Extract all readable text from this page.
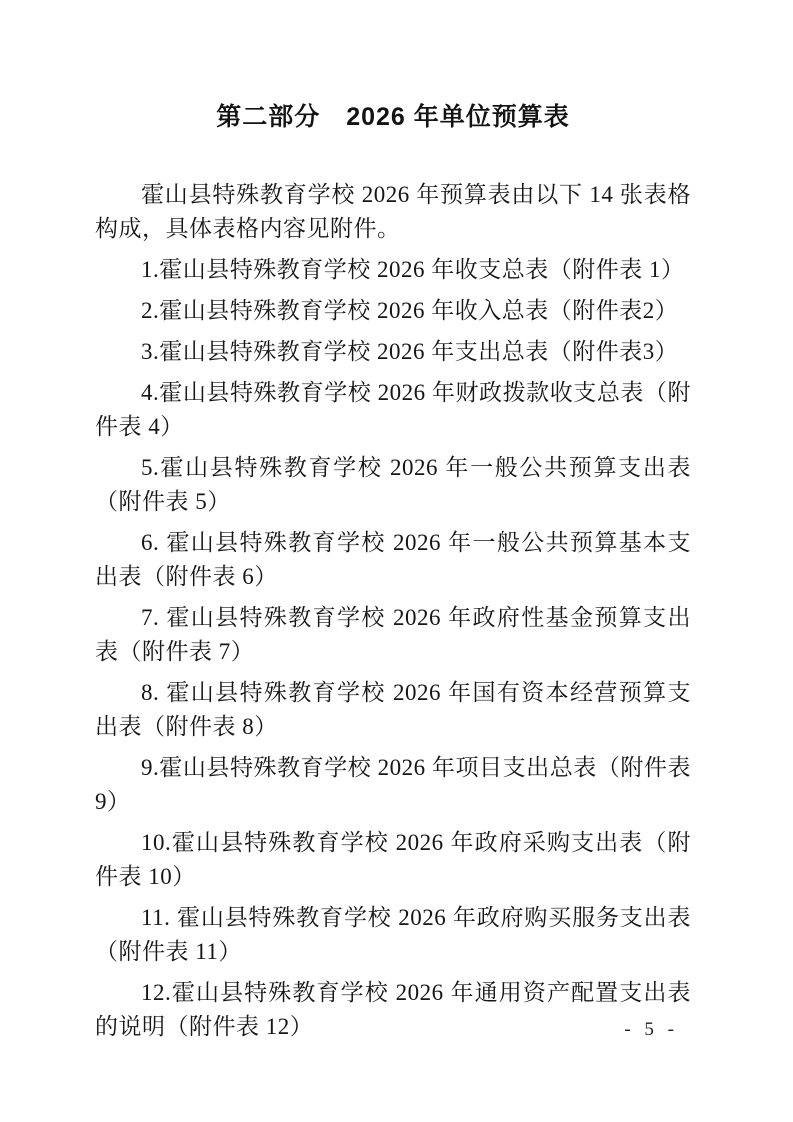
第二部分　2026 年单位预算表

霍山县特殊教育学校 2026 年预算表由以下 14 张表格构成，具体表格内容见附件。

1.霍山县特殊教育学校 2026 年收支总表（附件表 1）

2.霍山县特殊教育学校 2026 年收入总表（附件表2）

3.霍山县特殊教育学校 2026 年支出总表（附件表3）

4.霍山县特殊教育学校 2026 年财政拨款收支总表（附件表 4）

5.霍山县特殊教育学校 2026 年一般公共预算支出表（附件表 5）

6. 霍山县特殊教育学校 2026 年一般公共预算基本支出表（附件表 6）

7. 霍山县特殊教育学校 2026 年政府性基金预算支出表（附件表 7）

8. 霍山县特殊教育学校 2026 年国有资本经营预算支出表（附件表 8）

9.霍山县特殊教育学校 2026 年项目支出总表（附件表9）

10.霍山县特殊教育学校 2026 年政府采购支出表（附件表 10）

11. 霍山县特殊教育学校 2026 年政府购买服务支出表（附件表 11）

12.霍山县特殊教育学校 2026 年通用资产配置支出表的说明（附件表 12）	- 5 -
